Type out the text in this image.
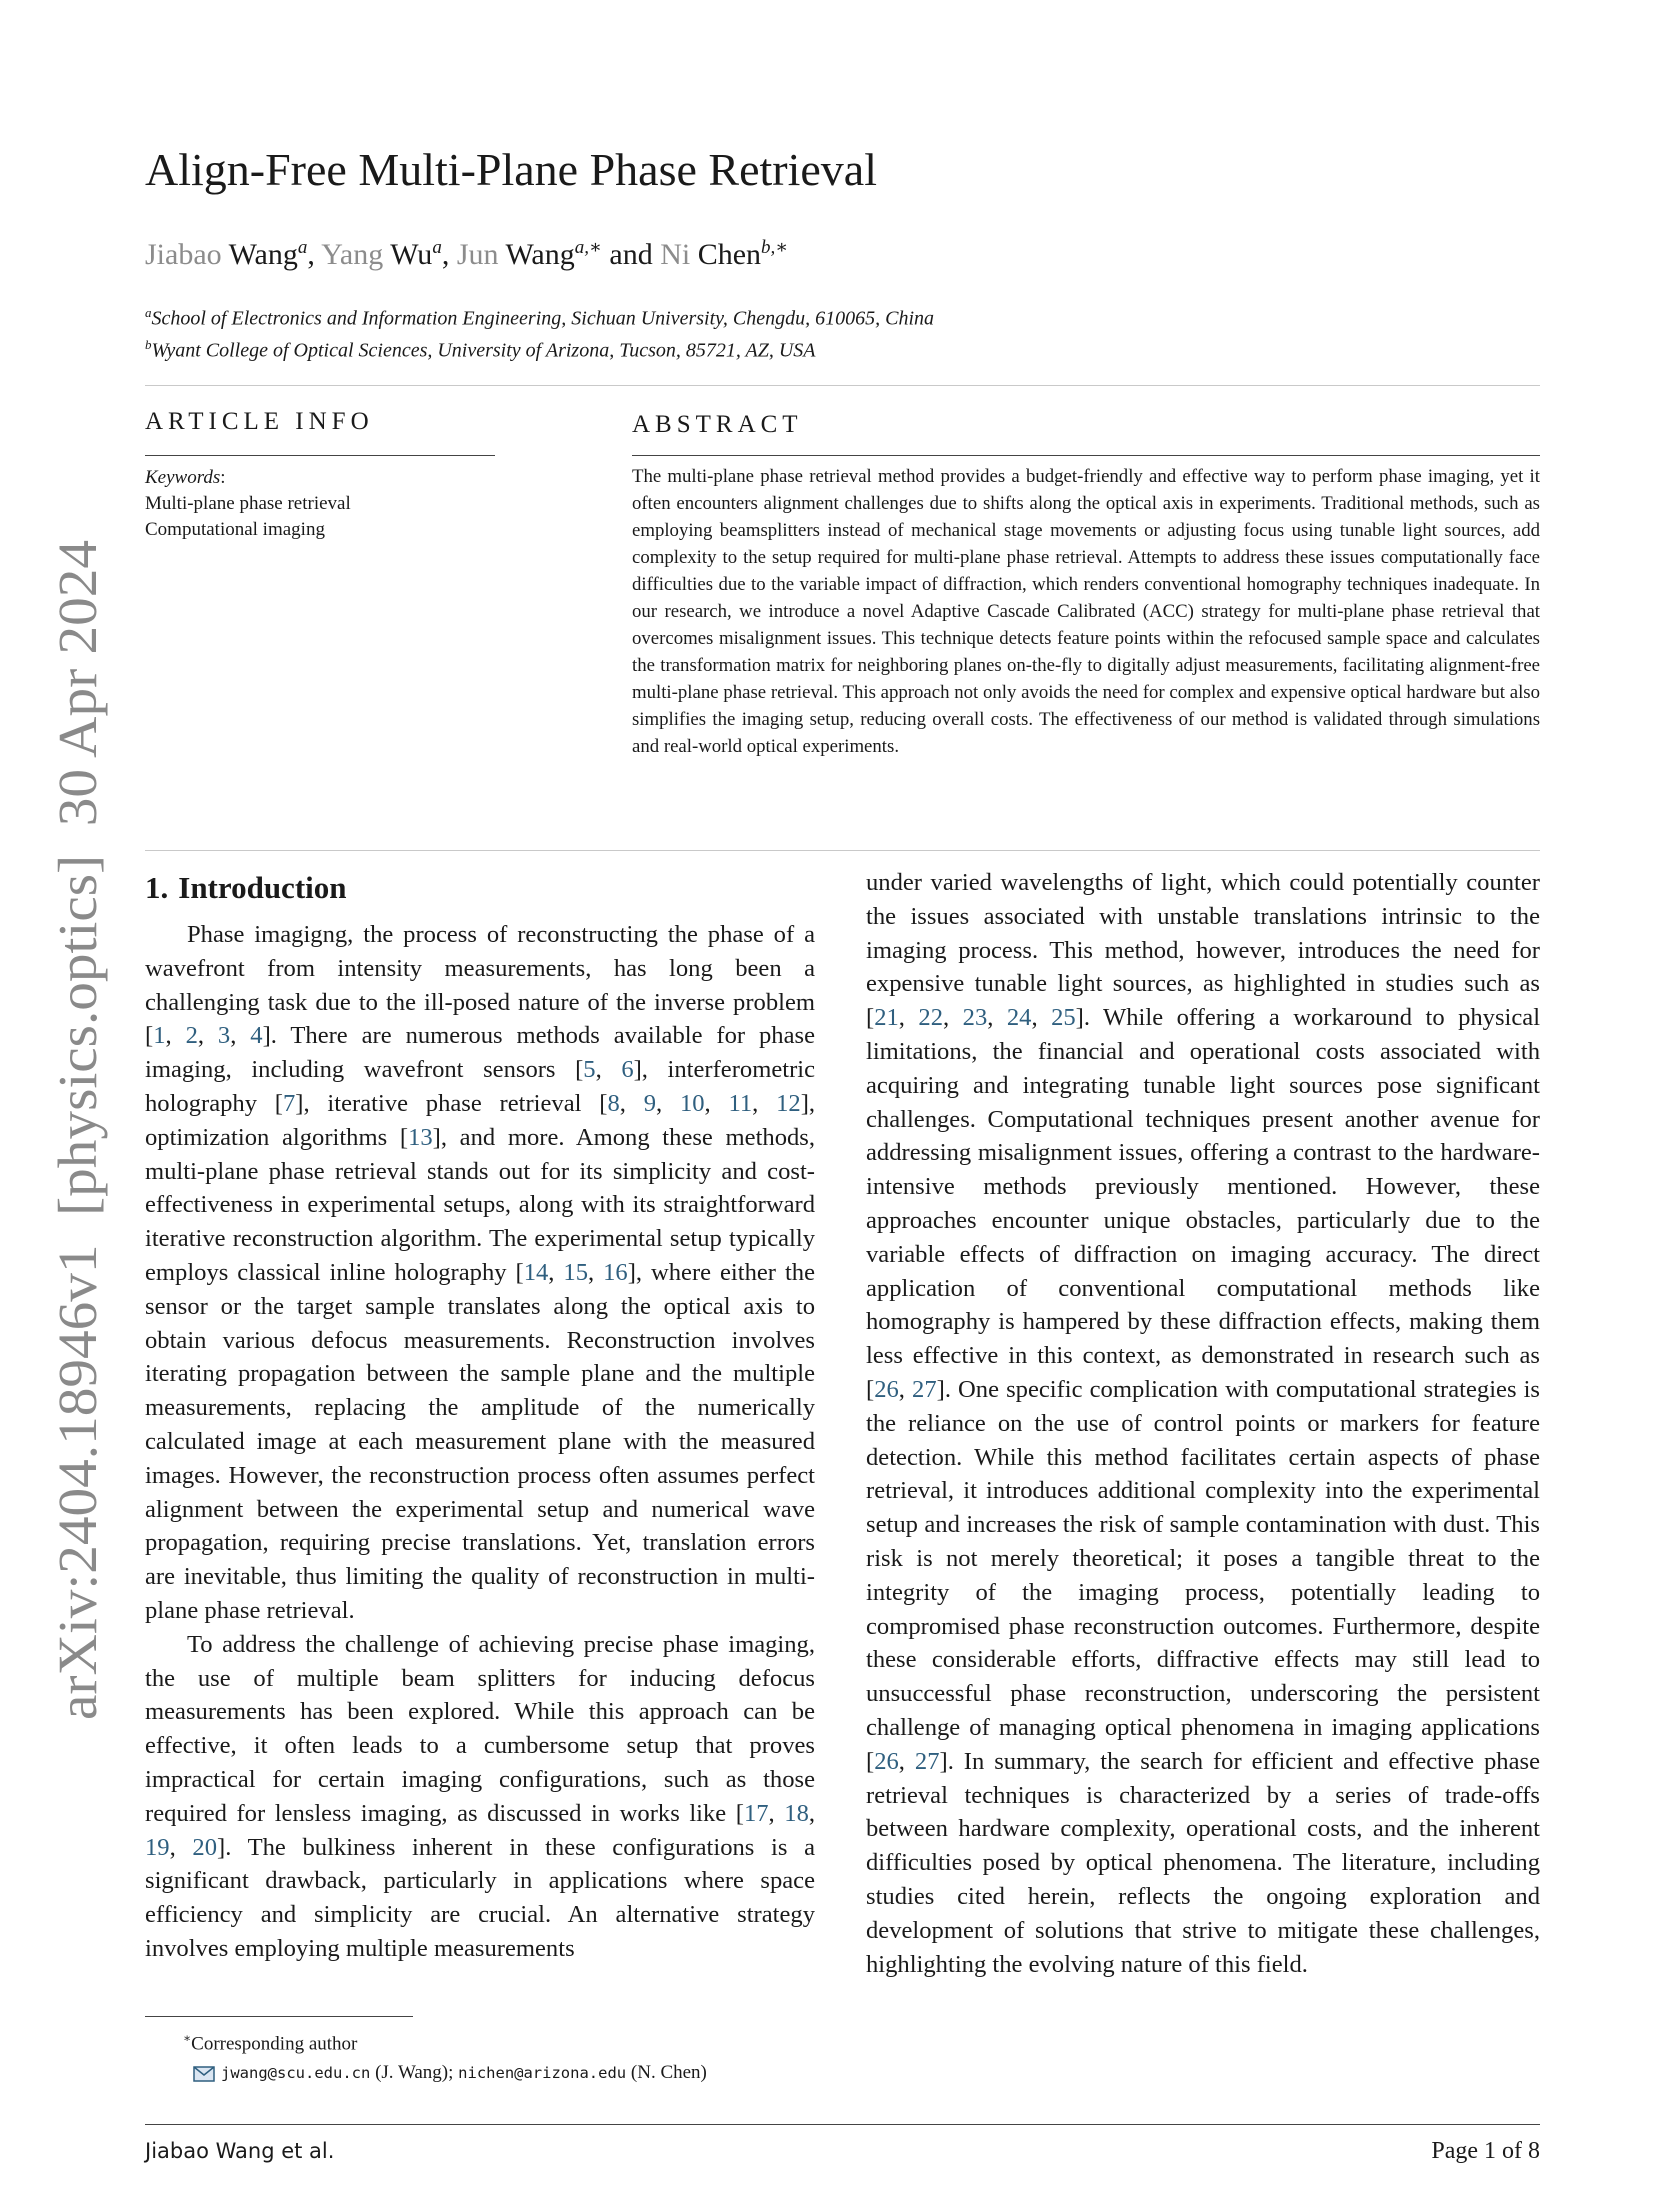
arXiv:2404.18946v1  [physics.optics]  30 Apr 2024
Align-Free Multi-Plane Phase Retrieval
Jiabao Wang$^a$, Yang Wu$^a$, Jun Wang$^{a,∗}$ and Ni Chen$^{b,∗}$
$^a$School of Electronics and Information Engineering, Sichuan University, Chengdu, 610065, China
$^b$Wyant College of Optical Sciences, University of Arizona, Tucson, 85721, AZ, USA
ARTICLE INFO	ABSTRACT
Keywords:
Multi-plane phase retrieval
Computational imaging

The multi-plane phase retrieval method provides a budget-friendly and effective way to perform phase imaging, yet it often encounters alignment challenges due to shifts along the optical axis in experiments. Traditional methods, such as employing beamsplitters instead of mechanical stage movements or adjusting focus using tunable light sources, add complexity to the setup required for multi-plane phase retrieval. Attempts to address these issues computationally face difficulties due to the variable impact of diffraction, which renders conventional homography techniques inadequate. In our research, we introduce a novel Adaptive Cascade Calibrated (ACC) strategy for multi-plane phase retrieval that overcomes misalignment issues. This technique detects feature points within the refocused sample space and calculates the transformation matrix for neighboring planes on-the-fly to digitally adjust measurements, facilitating alignment-free multi-plane phase retrieval. This approach not only avoids the need for complex and expensive optical hardware but also simplifies the imaging setup, reducing overall costs. The effectiveness of our method is validated through simulations and real-world optical experiments.

1. Introduction

Phase imagigng, the process of reconstructing the phase of a wavefront from intensity measurements, has long been a challenging task due to the ill-posed nature of the inverse problem [1, 2, 3, 4]. There are numerous methods available for phase imaging, including wavefront sensors [5, 6], interferometric holography [7], iterative phase retrieval [8, 9, 10, 11, 12], optimization algorithms [13], and more. Among these methods, multi-plane phase retrieval stands out for its simplicity and cost-effectiveness in experimental setups, along with its straightforward iterative reconstruction algorithm. The experimental setup typically employs classical inline holography [14, 15, 16], where either the sensor or the target sample translates along the optical axis to obtain various defocus measurements. Reconstruction involves iterating propagation between the sample plane and the multiple measurements, replacing the amplitude of the numerically calculated image at each measurement plane with the measured images. However, the reconstruction process often assumes perfect alignment between the experimental setup and numerical wave propagation, requiring precise translations. Yet, translation errors are inevitable, thus limiting the quality of reconstruction in multi-plane phase retrieval.

To address the challenge of achieving precise phase imaging, the use of multiple beam splitters for inducing defocus measurements has been explored. While this approach can be effective, it often leads to a cumbersome setup that proves impractical for certain imaging configurations, such as those required for lensless imaging, as discussed in works like [17, 18, 19, 20]. The bulkiness inherent in these configurations is a significant drawback, particularly in applications where space efficiency and simplicity are crucial. An alternative strategy involves employing multiple measurements

under varied wavelengths of light, which could potentially counter the issues associated with unstable translations intrinsic to the imaging process. This method, however, introduces the need for expensive tunable light sources, as highlighted in studies such as [21, 22, 23, 24, 25]. While offering a workaround to physical limitations, the financial and operational costs associated with acquiring and integrating tunable light sources pose significant challenges. Computational techniques present another avenue for addressing misalignment issues, offering a contrast to the hardware-intensive methods previously mentioned. However, these approaches encounter unique obstacles, particularly due to the variable effects of diffraction on imaging accuracy. The direct application of conventional computational methods like homography is hampered by these diffraction effects, making them less effective in this context, as demonstrated in research such as [26, 27]. One specific complication with computational strategies is the reliance on the use of control points or markers for feature detection. While this method facilitates certain aspects of phase retrieval, it introduces additional complexity into the experimental setup and increases the risk of sample contamination with dust. This risk is not merely theoretical; it poses a tangible threat to the integrity of the imaging process, potentially leading to compromised phase reconstruction outcomes. Furthermore, despite these considerable efforts, diffractive effects may still lead to unsuccessful phase reconstruction, underscoring the persistent challenge of managing optical phenomena in imaging applications [26, 27]. In summary, the search for efficient and effective phase retrieval techniques is characterized by a series of trade-offs between hardware complexity, operational costs, and the inherent difficulties posed by optical phenomena. The literature, including studies cited herein, reflects the ongoing exploration and development of solutions that strive to mitigate these challenges, highlighting the evolving nature of this field.

∗Corresponding author
jwang@scu.edu.cn (J. Wang); nichen@arizona.edu (N. Chen)
Jiabao Wang et al.	Page 1 of 8
